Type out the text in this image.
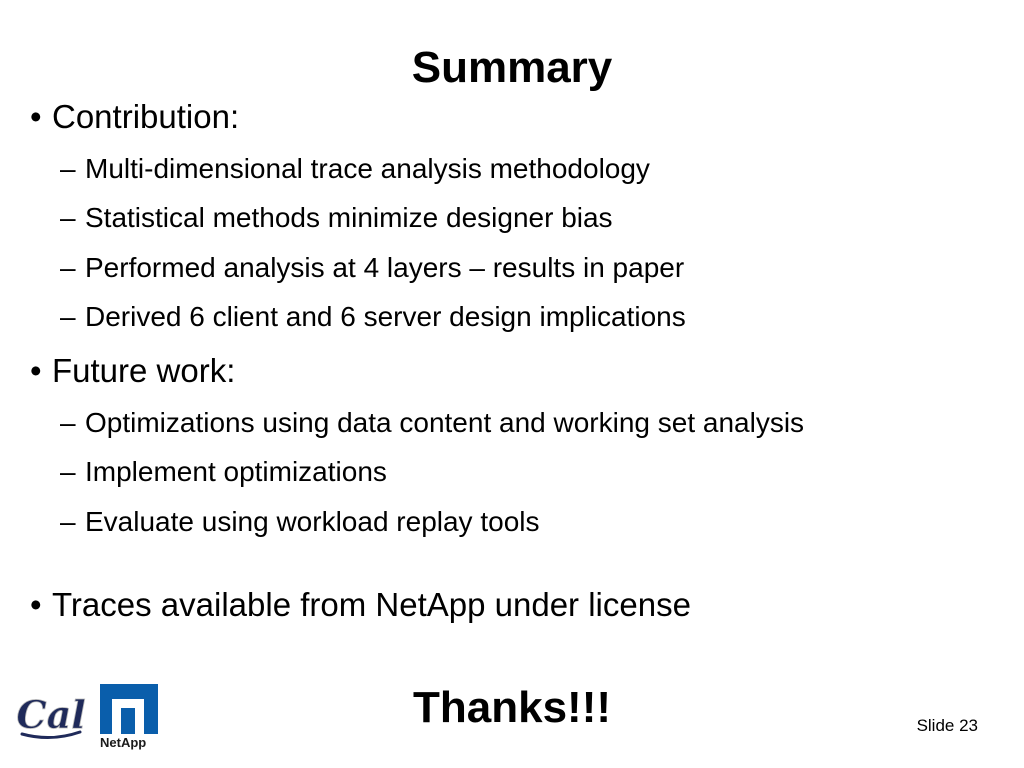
Summary
• Contribution:
– Multi-dimensional trace analysis methodology
– Statistical methods minimize designer bias
– Performed analysis at 4 layers – results in paper
– Derived 6 client and 6 server design implications
• Future work:
– Optimizations using data content and working set analysis
– Implement optimizations
– Evaluate using workload replay tools
• Traces available from NetApp under license
Cal
NetApp
Thanks!!!	Slide 23
